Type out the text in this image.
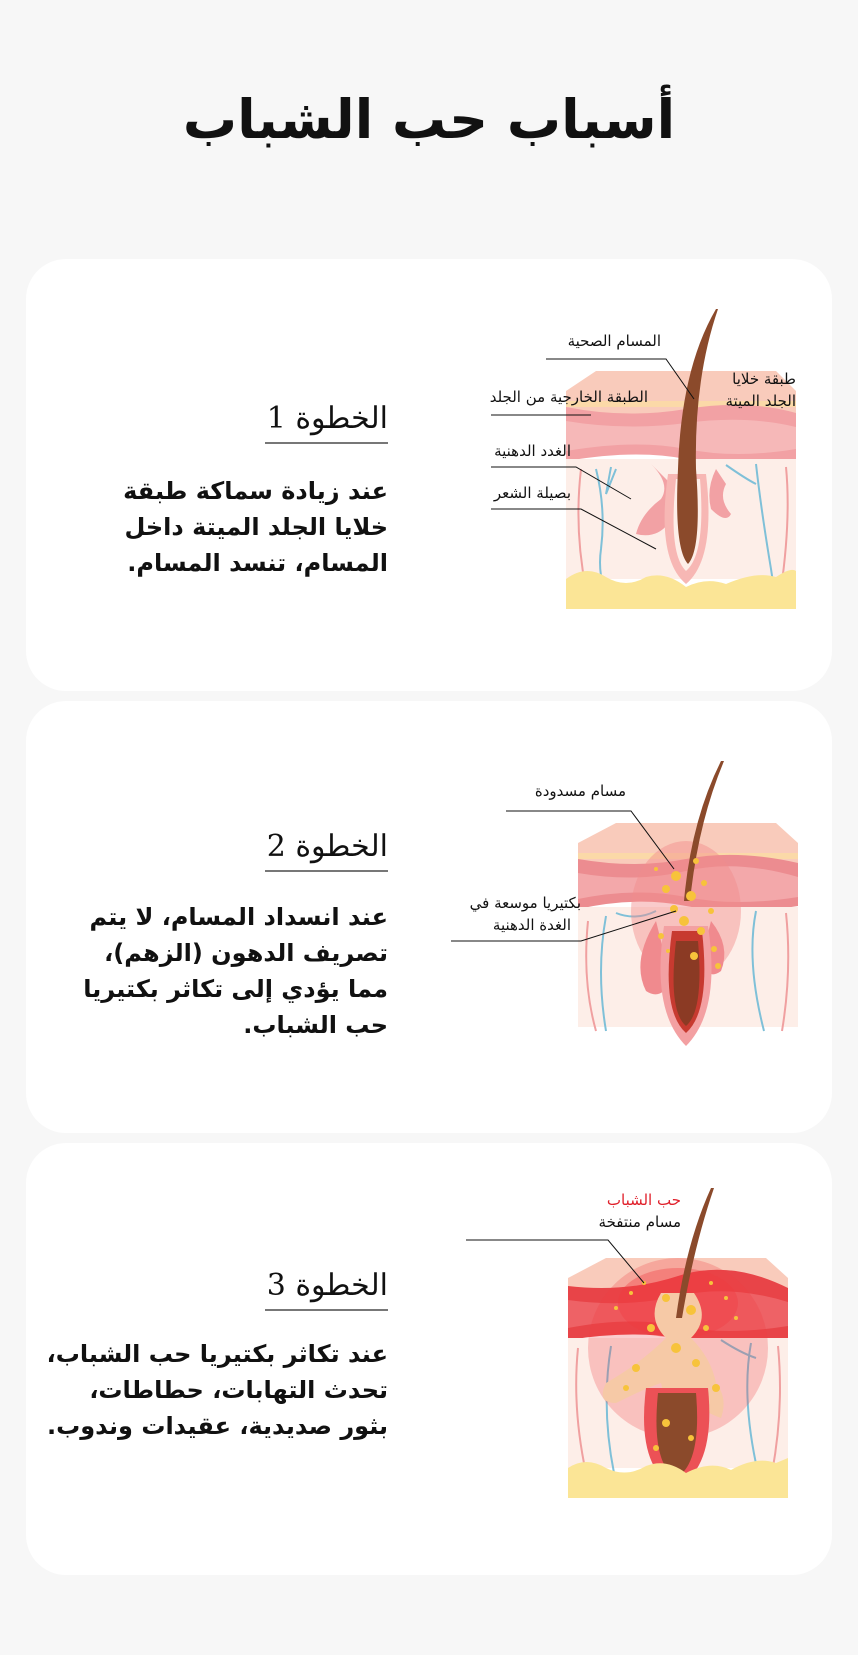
أسباب حب الشباب
الخطوة 1

عند زيادة سماكة طبقة خلايا الجلد الميتة داخل المسام، تنسد المسام.

المسام الصحية
طبقة خلايا
الجلد الميتة
الطبقة الخارجية من الجلد
الغدد الدهنية
بصيلة الشعر
الخطوة 2

عند انسداد المسام، لا يتم تصريف الدهون (الزهم)، مما يؤدي إلى تكاثر بكتيريا حب الشباب.

مسام مسدودة
بكتيريا موسعة في
الغدة الدهنية
الخطوة 3

عند تكاثر بكتيريا حب الشباب، تحدث التهابات، حطاطات، بثور صديدية، عقيدات وندوب.

حب الشباب
مسام منتفخة
